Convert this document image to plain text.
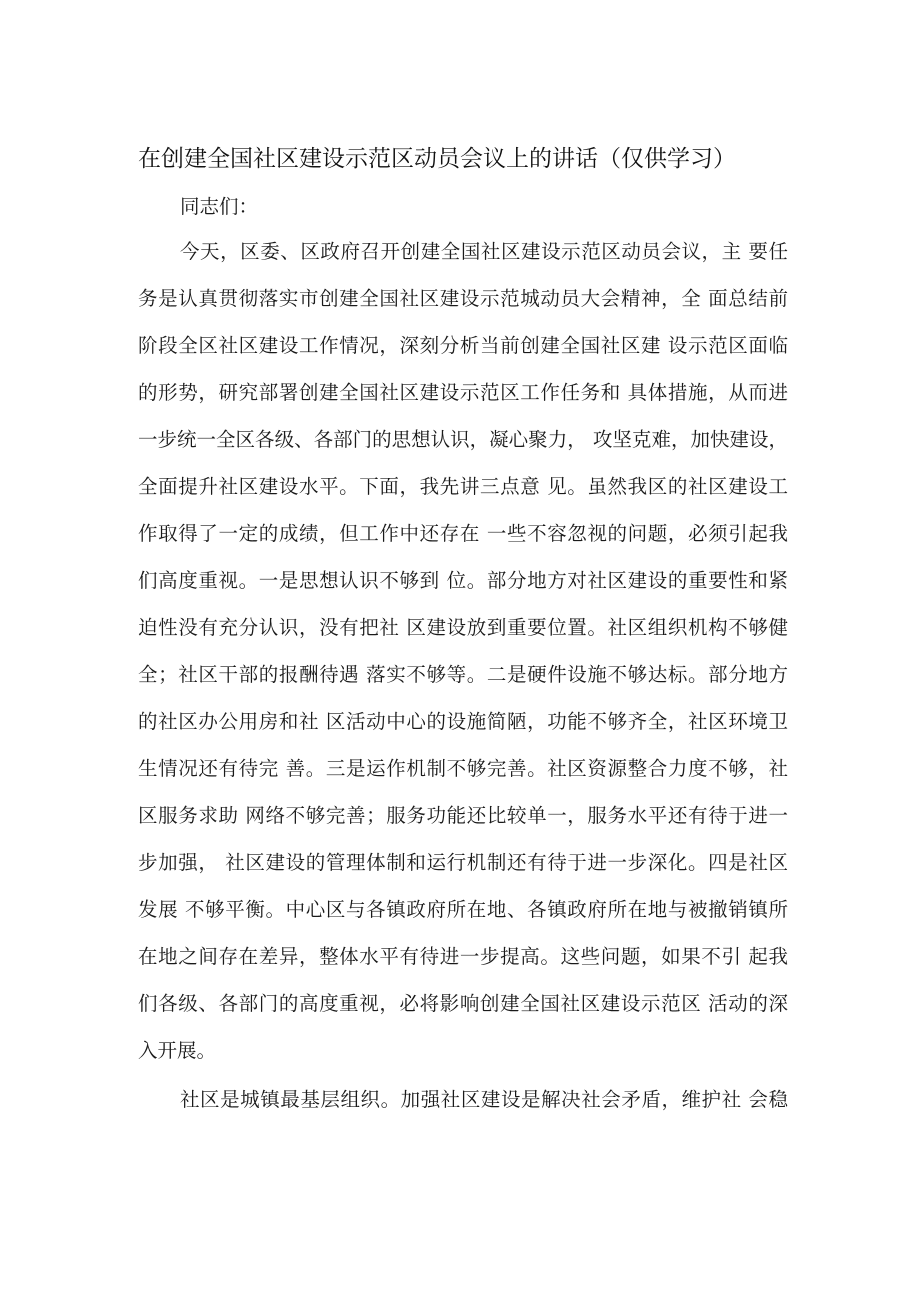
在创建全国社区建设示范区动员会议上的讲话（仅供学习）
同志们：
今天，区委、区政府召开创建全国社区建设示范区动员会议，主 要任
务是认真贯彻落实市创建全国社区建设示范城动员大会精神，全 面总结前
阶段全区社区建设工作情况，深刻分析当前创建全国社区建 设示范区面临
的形势，研究部署创建全国社区建设示范区工作任务和 具体措施，从而进
一步统一全区各级、各部门的思想认识，凝心聚力， 攻坚克难，加快建设，
全面提升社区建设水平。下面，我先讲三点意 见。虽然我区的社区建设工
作取得了一定的成绩，但工作中还存在 一些不容忽视的问题，必须引起我
们高度重视。一是思想认识不够到 位。部分地方对社区建设的重要性和紧
迫性没有充分认识，没有把社 区建设放到重要位置。社区组织机构不够健
全；社区干部的报酬待遇 落实不够等。二是硬件设施不够达标。部分地方
的社区办公用房和社 区活动中心的设施简陋，功能不够齐全，社区环境卫
生情况还有待完 善。三是运作机制不够完善。社区资源整合力度不够，社
区服务求助 网络不够完善；服务功能还比较单一，服务水平还有待于进一
步加强， 社区建设的管理体制和运行机制还有待于进一步深化。四是社区
发展 不够平衡。中心区与各镇政府所在地、各镇政府所在地与被撤销镇所
在地之间存在差异，整体水平有待进一步提高。这些问题，如果不引 起我
们各级、各部门的高度重视，必将影响创建全国社区建设示范区 活动的深
入开展。
社区是城镇最基层组织。加强社区建设是解决社会矛盾，维护社 会稳
